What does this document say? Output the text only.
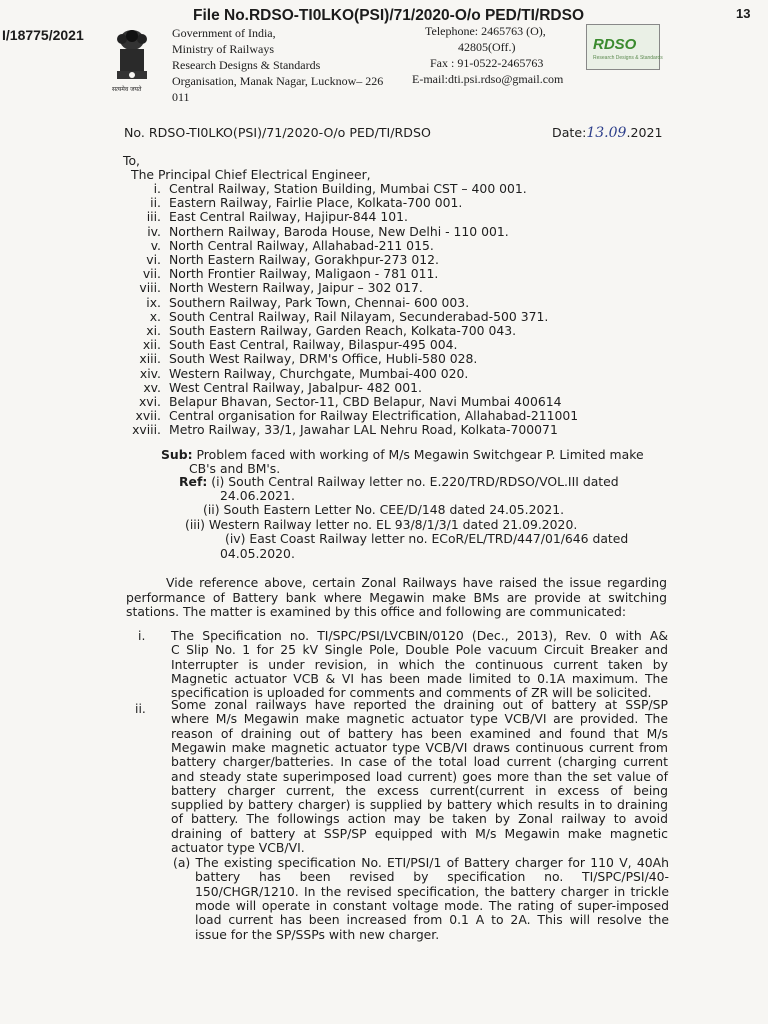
File No.RDSO-TI0LKO(PSI)/71/2020-O/o PED/TI/RDSO	13
I/18775/2021
सत्यमेव जयते
Government of India,
Ministry of Railways
Research Designs & Standards
Organisation, Manak Nagar, Lucknow– 226
011
Telephone: 2465763 (O),
42805(Off.)
Fax : 91-0522-2465763
E-mail:dti.psi.rdso@gmail.com
RDSO
Research Designs & Standards
No. RDSO-TI0LKO(PSI)/71/2020-O/o PED/TI/RDSO	Date:13.09.2021
To,
The Principal Chief Electrical Engineer,
i. Central Railway, Station Building, Mumbai CST – 400 001.
ii. Eastern Railway, Fairlie Place, Kolkata-700 001.
iii. East Central Railway, Hajipur-844 101.
iv. Northern Railway, Baroda House, New Delhi - 110 001.
v. North Central Railway, Allahabad-211 015.
vi. North Eastern Railway, Gorakhpur-273 012.
vii. North Frontier Railway, Maligaon - 781 011.
viii. North Western Railway, Jaipur – 302 017.
ix. Southern Railway, Park Town, Chennai- 600 003.
x. South Central Railway, Rail Nilayam, Secunderabad-500 371.
xi. South Eastern Railway, Garden Reach, Kolkata-700 043.
xii. South East Central, Railway, Bilaspur-495 004.
xiii. South West Railway, DRM's Office, Hubli-580 028.
xiv. Western Railway, Churchgate, Mumbai-400 020.
xv. West Central Railway, Jabalpur- 482 001.
xvi. Belapur Bhavan, Sector-11, CBD Belapur, Navi Mumbai 400614
xvii. Central organisation for Railway Electrification, Allahabad-211001
xviii. Metro Railway, 33/1, Jawahar LAL Nehru Road, Kolkata-700071
Sub: Problem faced with working of M/s Megawin Switchgear P. Limited make
CB's and BM's.
Ref: (i) South Central Railway letter no. E.220/TRD/RDSO/VOL.III dated
24.06.2021.
(ii) South Eastern Letter No. CEE/D/148 dated 24.05.2021.
(iii) Western Railway letter no. EL 93/8/1/3/1 dated 21.09.2020.
(iv) East Coast Railway letter no. ECoR/EL/TRD/447/01/646 dated
04.05.2020.
Vide reference above, certain Zonal Railways have raised the issue regarding
performance of Battery bank where Megawin make BMs are provide at switching
stations. The matter is examined by this office and following are communicated:
i. The Specification no. TI/SPC/PSI/LVCBIN/0120 (Dec., 2013), Rev. 0 with A&
C Slip No. 1 for 25 kV Single Pole, Double Pole vacuum Circuit Breaker and
Interrupter is under revision, in which the continuous current taken by
Magnetic actuator VCB & VI has been made limited to 0.1A maximum. The
specification is uploaded for comments and comments of ZR will be solicited.
ii. Some zonal railways have reported the draining out of battery at SSP/SP
where M/s Megawin make magnetic actuator type VCB/VI are provided. The
reason of draining out of battery has been examined and found that M/s
Megawin make magnetic actuator type VCB/VI draws continuous current from
battery charger/batteries. In case of the total load current (charging current
and steady state superimposed load current) goes more than the set value of
battery charger current, the excess current(current in excess of being
supplied by battery charger) is supplied by battery which results in to draining
of battery. The followings action may be taken by Zonal railway to avoid
draining of battery at SSP/SP equipped with M/s Megawin make magnetic
actuator type VCB/VI.
(a) The existing specification No. ETI/PSI/1 of Battery charger for 110 V, 40Ah
battery has been revised by specification no. TI/SPC/PSI/40-
150/CHGR/1210. In the revised specification, the battery charger in trickle
mode will operate in constant voltage mode. The rating of super-imposed
load current has been increased from 0.1 A to 2A. This will resolve the
issue for the SP/SSPs with new charger.
